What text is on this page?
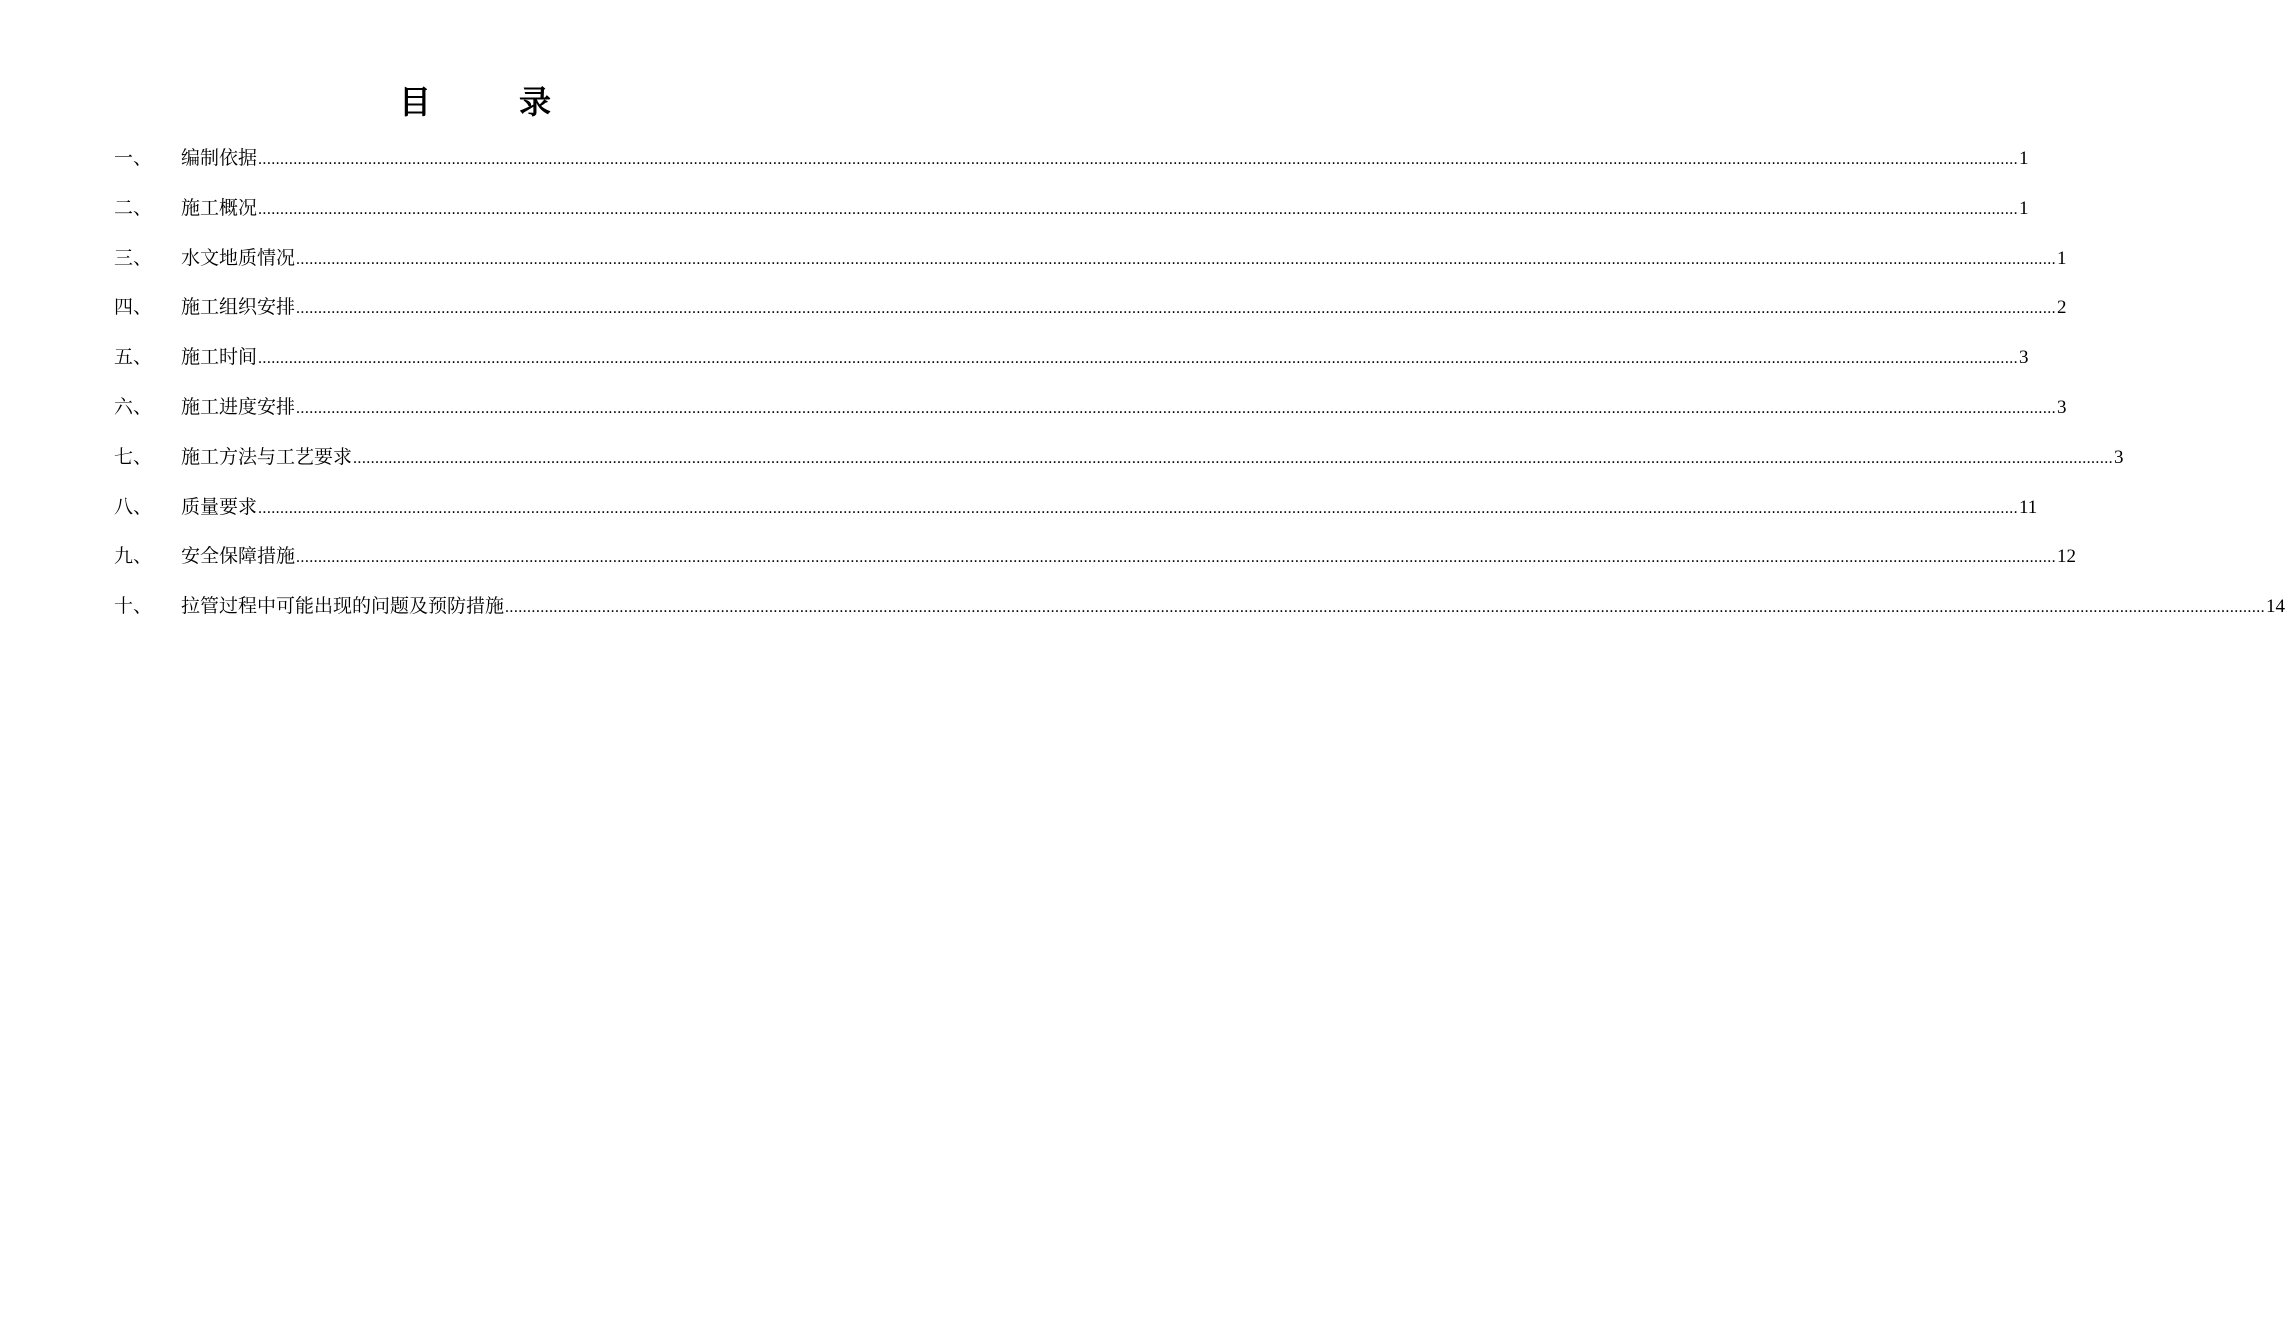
目　录
一、	编制依据 ................................................................................................................................................................................................................................................................................................................................................................................................................ 1
二、	施工概况 ................................................................................................................................................................................................................................................................................................................................................................................................................ 1
三、	水文地质情况 ................................................................................................................................................................................................................................................................................................................................................................................................................ 1
四、	施工组织安排 ................................................................................................................................................................................................................................................................................................................................................................................................................ 2
五、	施工时间 ................................................................................................................................................................................................................................................................................................................................................................................................................ 3
六、	施工进度安排 ................................................................................................................................................................................................................................................................................................................................................................................................................ 3
七、	施工方法与工艺要求 ................................................................................................................................................................................................................................................................................................................................................................................................................ 3
八、	质量要求 ................................................................................................................................................................................................................................................................................................................................................................................................................ 11
九、	安全保障措施 ................................................................................................................................................................................................................................................................................................................................................................................................................ 12
十、	拉管过程中可能出现的问题及预防措施 ................................................................................................................................................................................................................................................................................................................................................................................................................ 14
